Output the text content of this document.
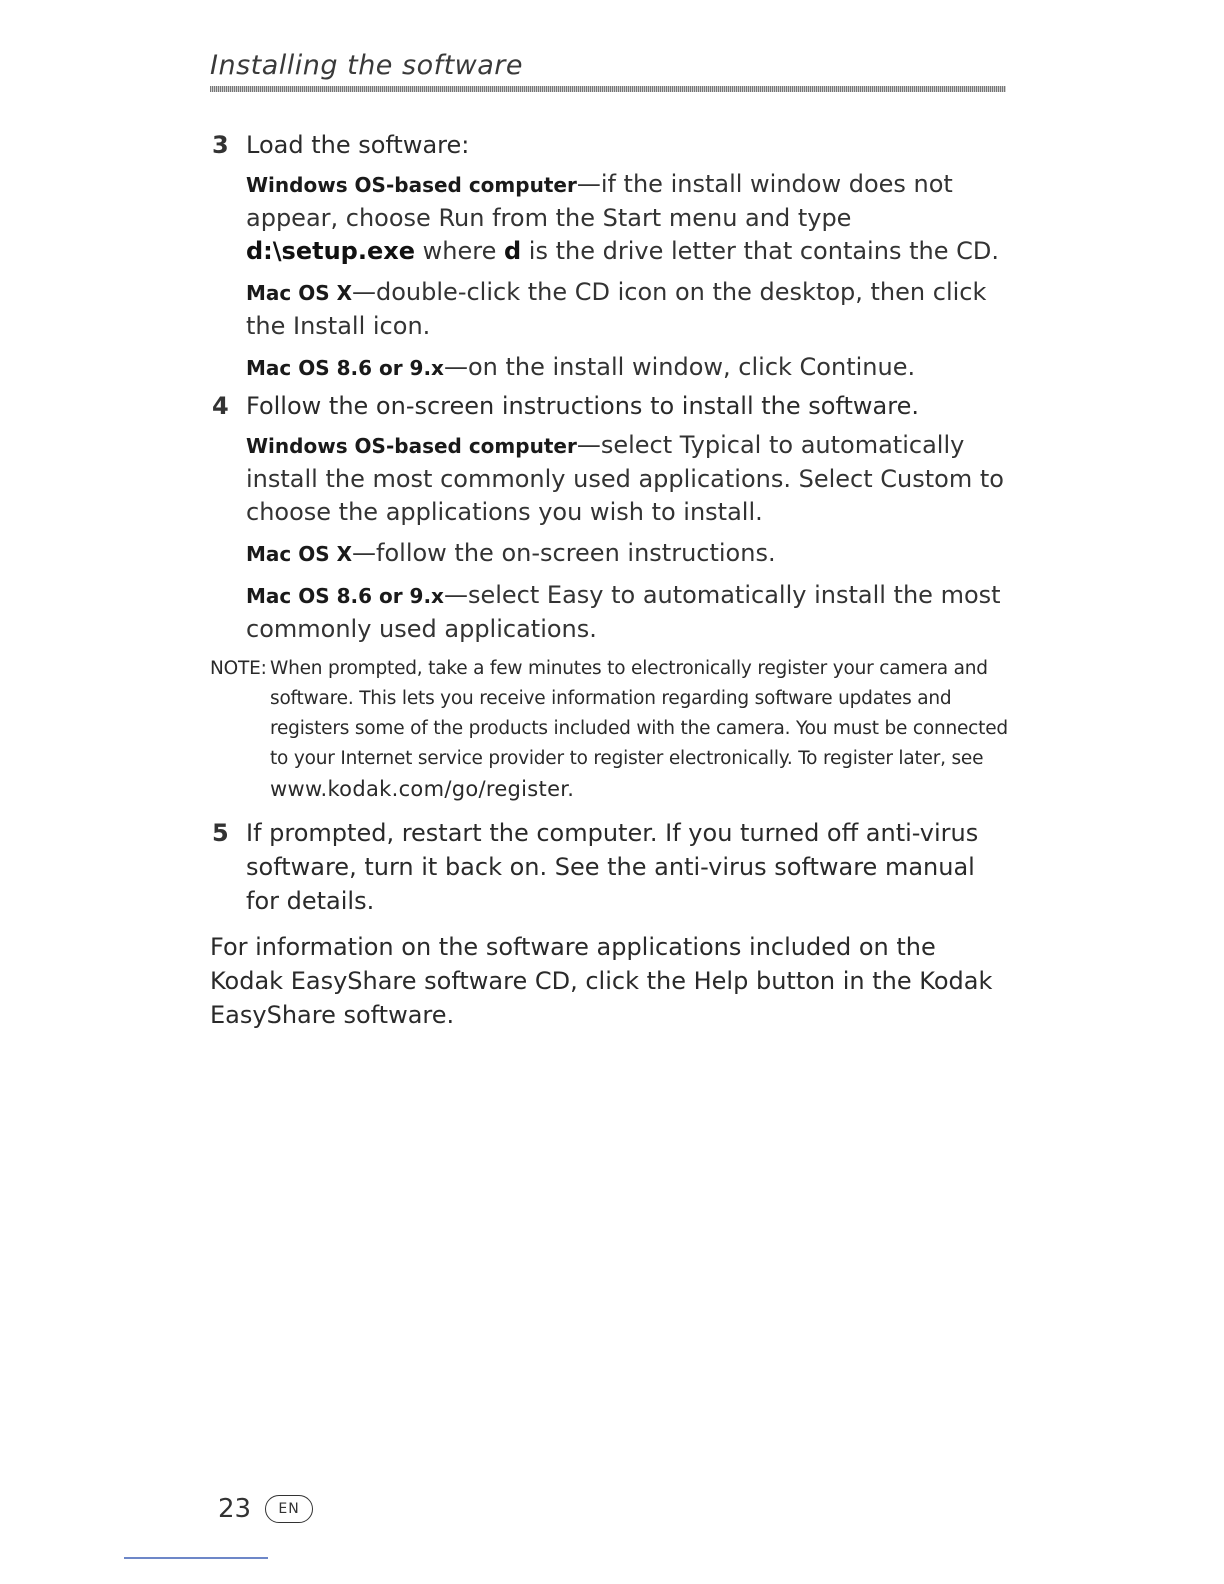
Installing the software
3 Load the software:

Windows OS-based computer—if the install window does not appear, choose Run from the Start menu and type d:\setup.exe where d is the drive letter that contains the CD.

Mac OS X—double-click the CD icon on the desktop, then click the Install icon.

Mac OS 8.6 or 9.x—on the install window, click Continue.

4 Follow the on-screen instructions to install the software.

Windows OS-based computer—select Typical to automatically install the most commonly used applications. Select Custom to choose the applications you wish to install.

Mac OS X—follow the on-screen instructions.

Mac OS 8.6 or 9.x—select Easy to automatically install the most commonly used applications.

NOTE: When prompted, take a few minutes to electronically register your camera and software. This lets you receive information regarding software updates and registers some of the products included with the camera. You must be connected to your Internet service provider to register electronically. To register later, see www.kodak.com/go/register.
5 If prompted, restart the computer. If you turned off anti-virus software, turn it back on. See the anti-virus software manual for details.

For information on the software applications included on the Kodak EasyShare software CD, click the Help button in the Kodak EasyShare software.

23	EN
